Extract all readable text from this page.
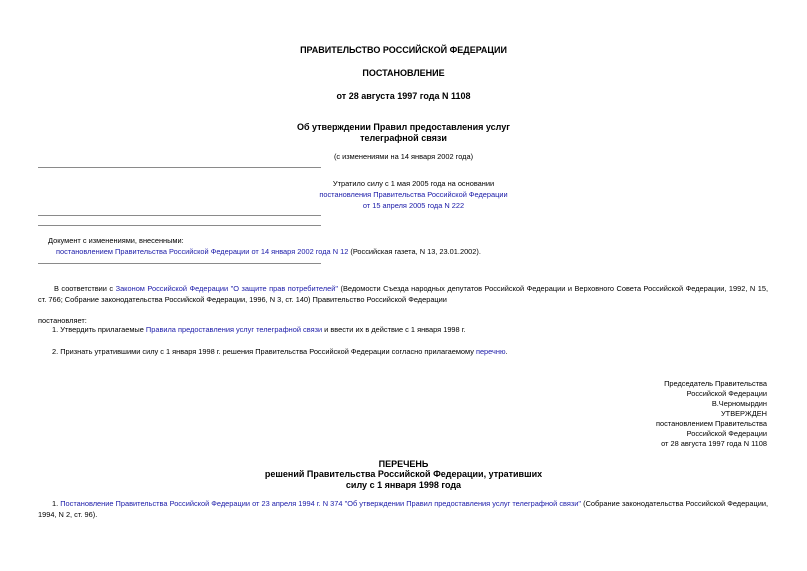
ПРАВИТЕЛЬСТВО РОССИЙСКОЙ ФЕДЕРАЦИИ
ПОСТАНОВЛЕНИЕ
от 28 августа 1997 года N 1108
Об утверждении Правил предоставления услуг
телеграфной связи
(с изменениями на 14 января 2002 года)
Утратило силу с 1 мая 2005 года на основании
постановления Правительства Российской Федерации
от 15 апреля 2005 года N 222
Документ с изменениями, внесенными:
постановлением Правительства Российской Федерации от 14 января 2002 года N 12 (Российская газета, N 13, 23.01.2002).
В соответствии с Законом Российской Федерации "О защите прав потребителей" (Ведомости Съезда народных депутатов Российской Федерации и Верховного Совета Российской Федерации, 1992, N 15, ст. 766; Собрание законодательства Российской Федерации, 1996, N 3, ст. 140) Правительство Российской Федерации
постановляет:
1. Утвердить прилагаемые Правила предоставления услуг телеграфной связи и ввести их в действие с 1 января 1998 г.
2. Признать утратившими силу с 1 января 1998 г. решения Правительства Российской Федерации согласно прилагаемому перечню.
Председатель Правительства
Российской Федерации
В.Черномырдин
УТВЕРЖДЕН
постановлением Правительства
Российской Федерации
от 28 августа 1997 года N 1108
ПЕРЕЧЕНЬ
решений Правительства Российской Федерации, утративших
силу с 1 января 1998 года
1. Постановление Правительства Российской Федерации от 23 апреля 1994 г. N 374 "Об утверждении Правил предоставления услуг телеграфной связи" (Собрание законодательства Российской Федерации, 1994, N 2, ст. 96).
